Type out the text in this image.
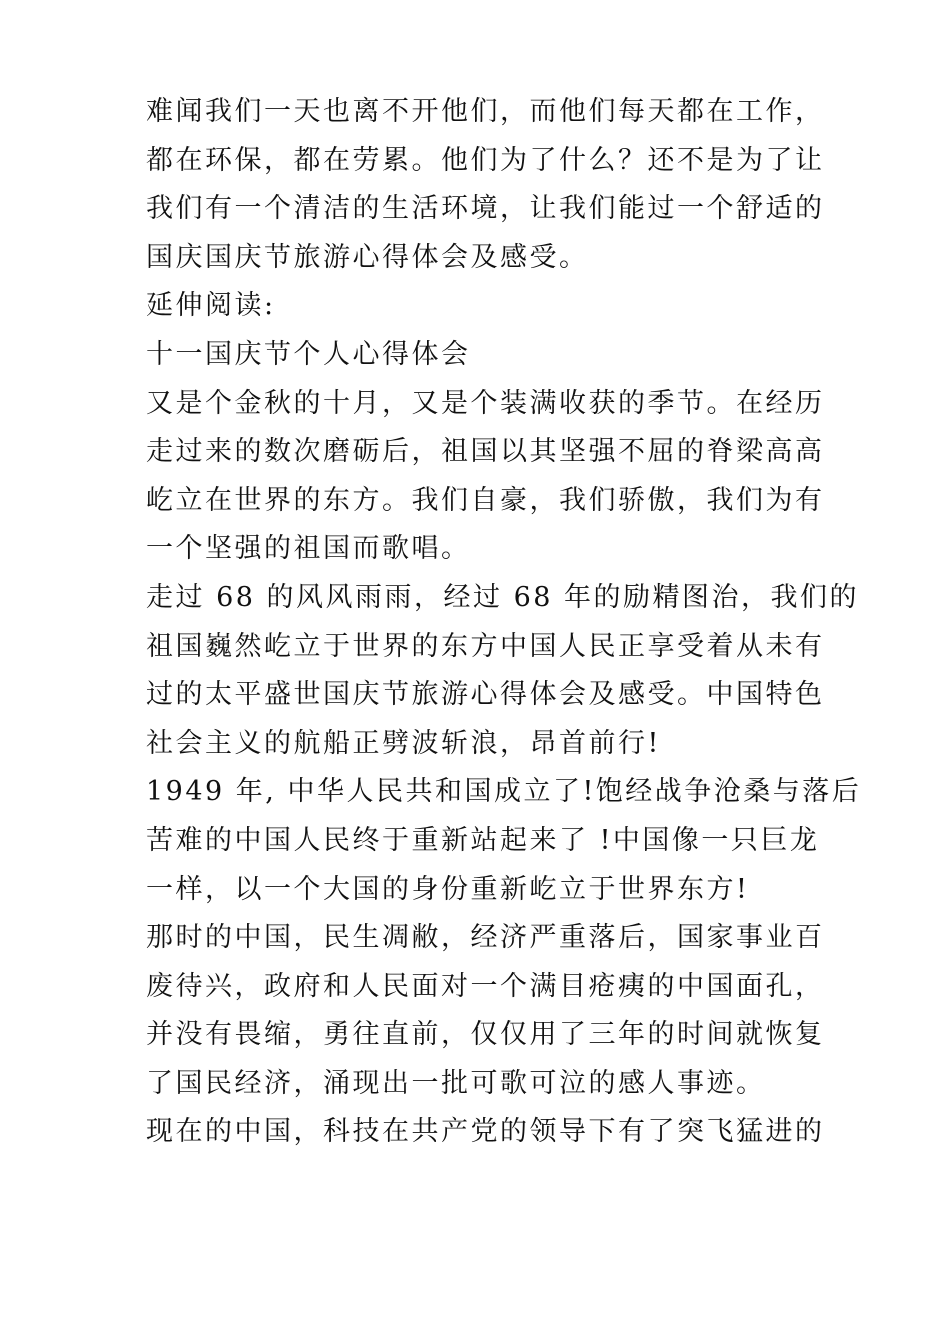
难闻我们一天也离不开他们，而他们每天都在工作，
都在环保，都在劳累。他们为了什么？还不是为了让
我们有一个清洁的生活环境，让我们能过一个舒适的
国庆国庆节旅游心得体会及感受。
延伸阅读:
十一国庆节个人心得体会
又是个金秋的十月，又是个装满收获的季节。在经历
走过来的数次磨砺后，祖国以其坚强不屈的脊梁高高
屹立在世界的东方。我们自豪，我们骄傲，我们为有
一个坚强的祖国而歌唱。
走过 68 的风风雨雨，经过 68 年的励精图治，我们的
祖国巍然屹立于世界的东方中国人民正享受着从未有
过的太平盛世国庆节旅游心得体会及感受。中国特色
社会主义的航船正劈波斩浪，昂首前行!
1949 年, 中华人民共和国成立了!饱经战争沧桑与落后
苦难的中国人民终于重新站起来了 !中国像一只巨龙
一样，以一个大国的身份重新屹立于世界东方!
那时的中国，民生凋敝，经济严重落后，国家事业百
废待兴，政府和人民面对一个满目疮痍的中国面孔，
并没有畏缩，勇往直前，仅仅用了三年的时间就恢复
了国民经济，涌现出一批可歌可泣的感人事迹。
现在的中国，科技在共产党的领导下有了突飞猛进的
